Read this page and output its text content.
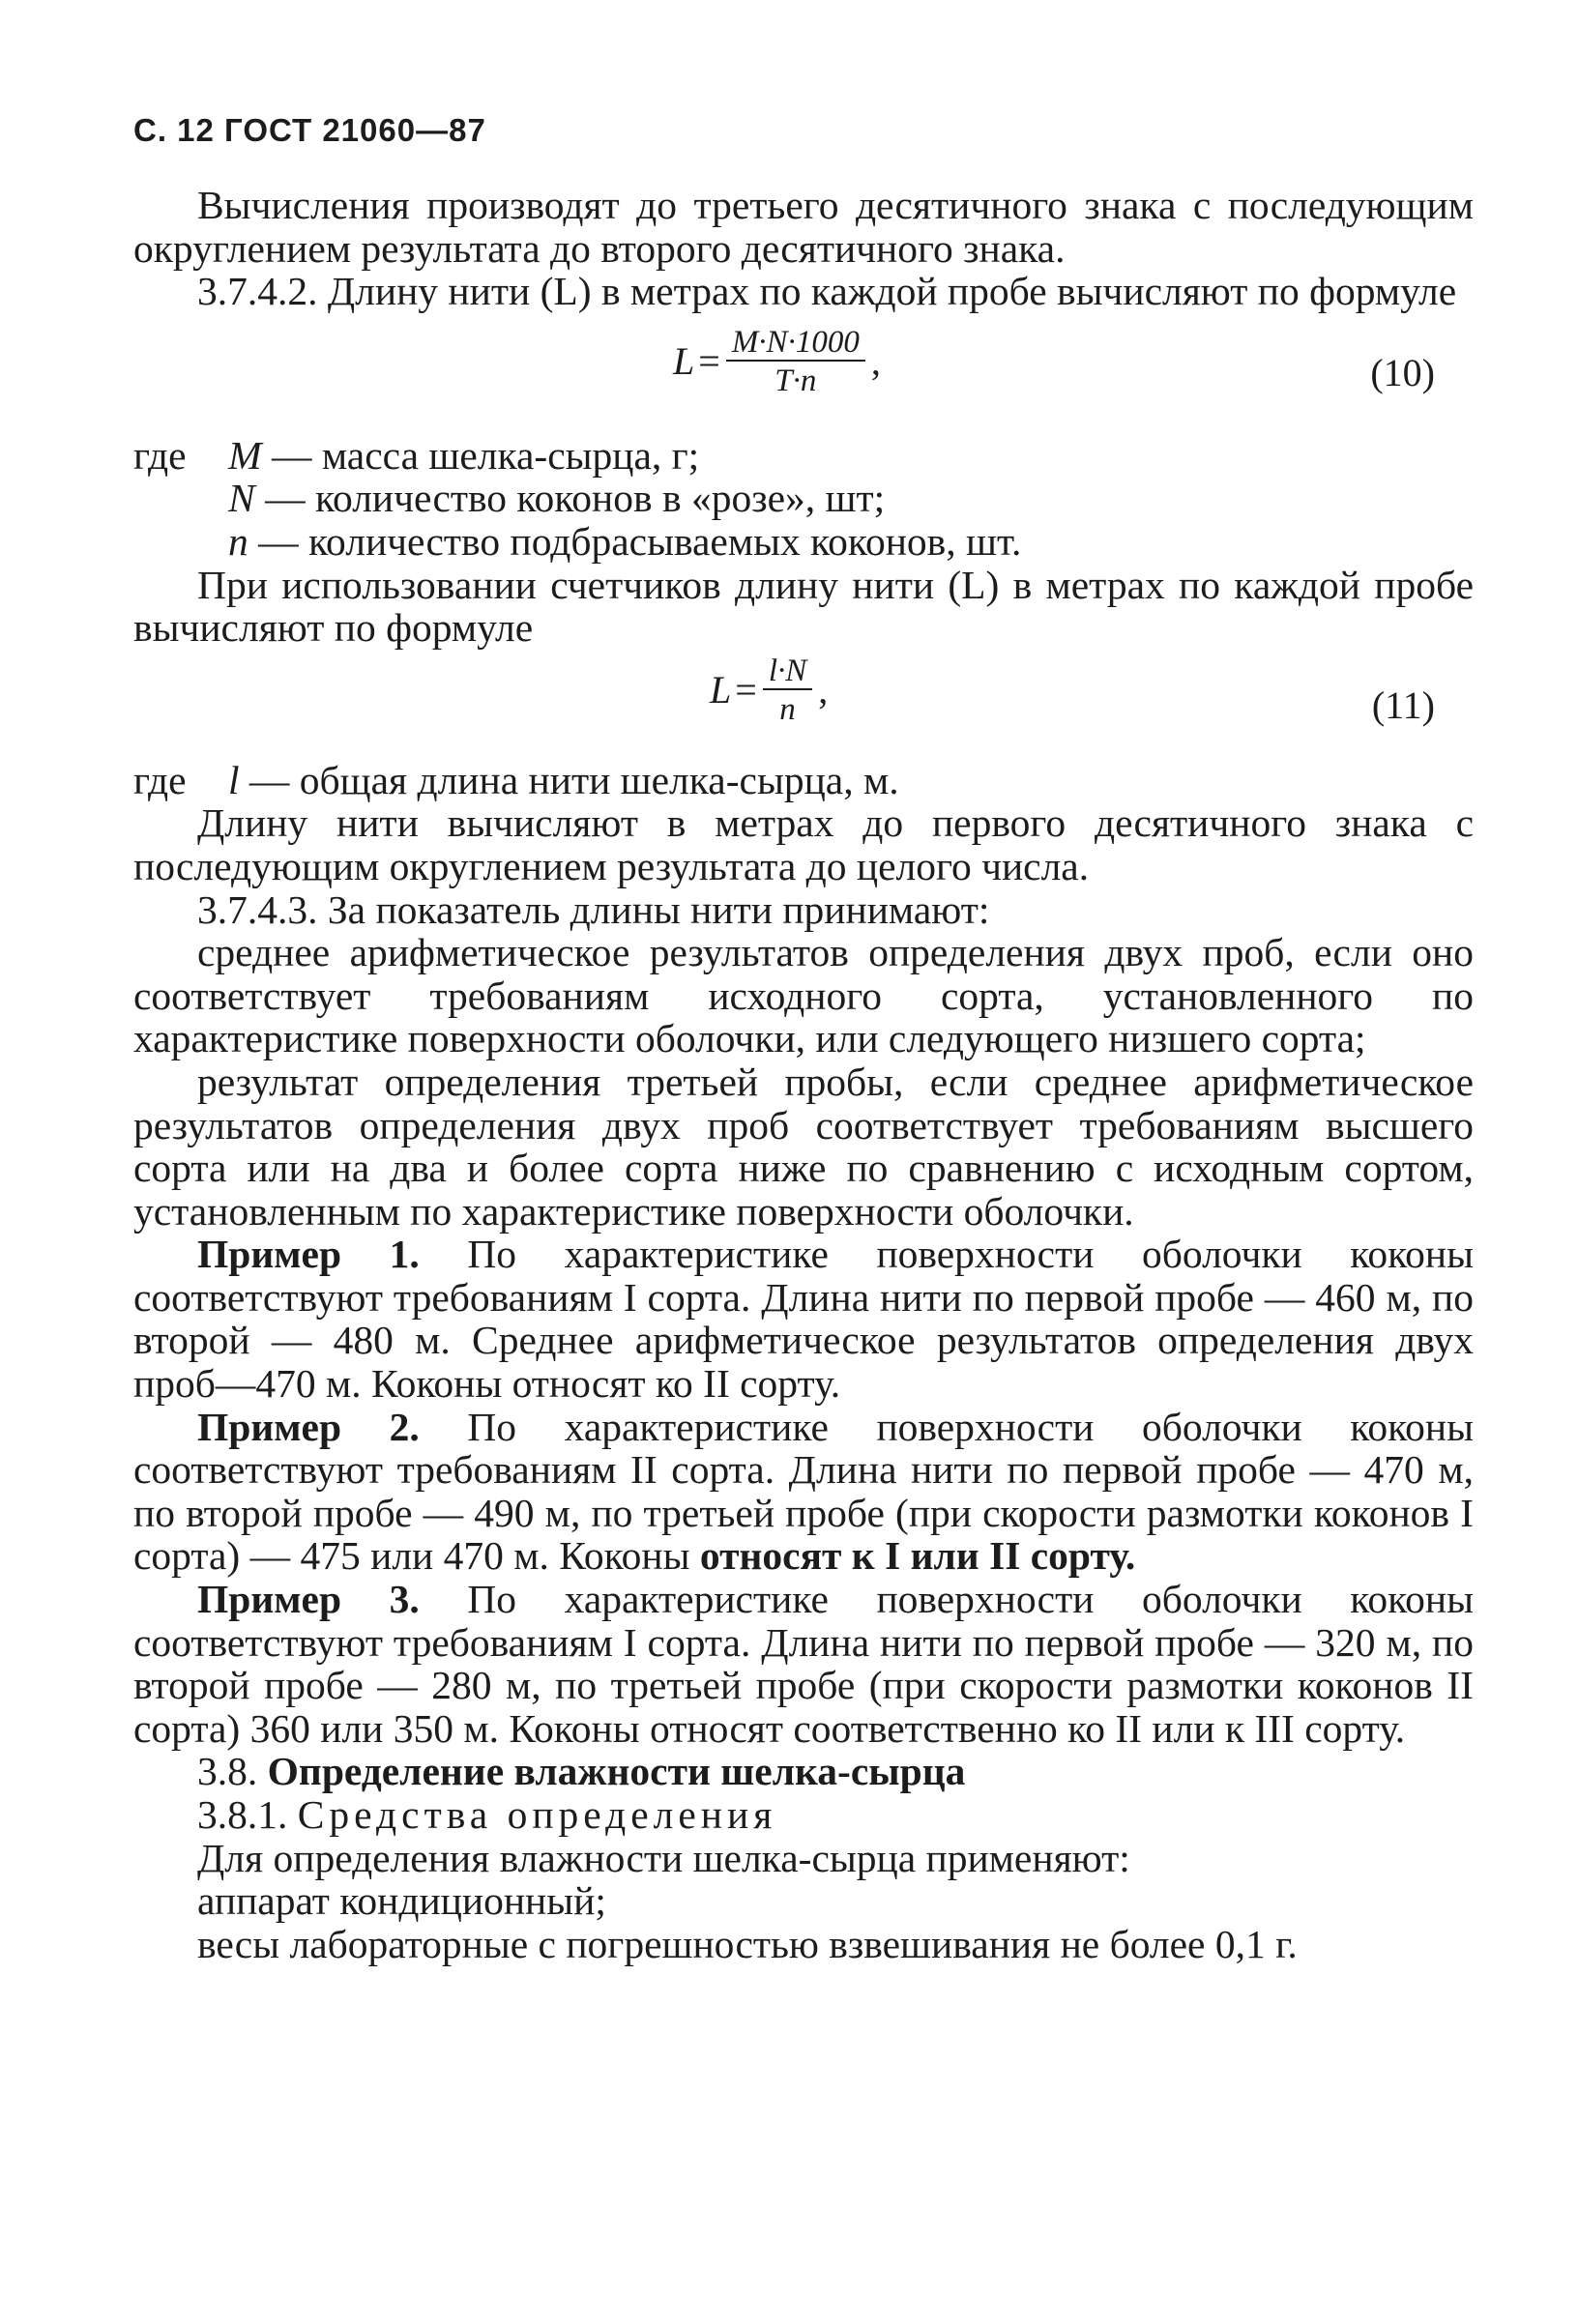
С. 12 ГОСТ 21060—87

Вычисления производят до третьего десятичного знака с последующим округлением результата до второго десятичного знака.

3.7.4.2. Длину нити (L) в метрах по каждой пробе вычисляют по формуле

$L = \frac{M\cdot N\cdot 1000}{T\cdot n}$ ,	(10)
где	M — масса шелка-сырца, г;
N — количество коконов в «розе», шт;
n — количество подбрасываемых коконов, шт.

При использовании счетчиков длину нити (L) в метрах по каждой пробе вычисляют по формуле

$L = \frac{l\cdot N}{n}$ ,	(11)
где	l — общая длина нити шелка-сырца, м.

Длину нити вычисляют в метрах до первого десятичного знака с последующим округлением результата до целого числа.

3.7.4.3. За показатель длины нити принимают:

среднее арифметическое результатов определения двух проб, если оно соответствует требованиям исходного сорта, установленного по характеристике поверхности оболочки, или следующего низшего сорта;

результат определения третьей пробы, если среднее арифметическое результатов определения двух проб соответствует требованиям высшего сорта или на два и более сорта ниже по сравнению с исходным сортом, установленным по характеристике поверхности оболочки.

Пример 1. По характеристике поверхности оболочки коконы соответствуют требованиям I сорта. Длина нити по первой пробе — 460 м, по второй — 480 м. Среднее арифметическое результатов определения двух проб—470 м. Коконы относят ко II сорту.

Пример 2. По характеристике поверхности оболочки коконы соответствуют требованиям II сорта. Длина нити по первой пробе — 470 м, по второй пробе — 490 м, по третьей пробе (при скорости размотки коконов I сорта) — 475 или 470 м. Коконы относят к I или II сорту.

Пример 3. По характеристике поверхности оболочки коконы соответствуют требованиям I сорта. Длина нити по первой пробе — 320 м, по второй пробе — 280 м, по третьей пробе (при скорости размотки коконов II сорта) 360 или 350 м. Коконы относят соответственно ко II или к III сорту.

3.8. Определение влажности шелка-сырца

3.8.1. Средства определения

Для определения влажности шелка-сырца применяют:

аппарат кондиционный;

весы лабораторные с погрешностью взвешивания не более 0,1 г.
